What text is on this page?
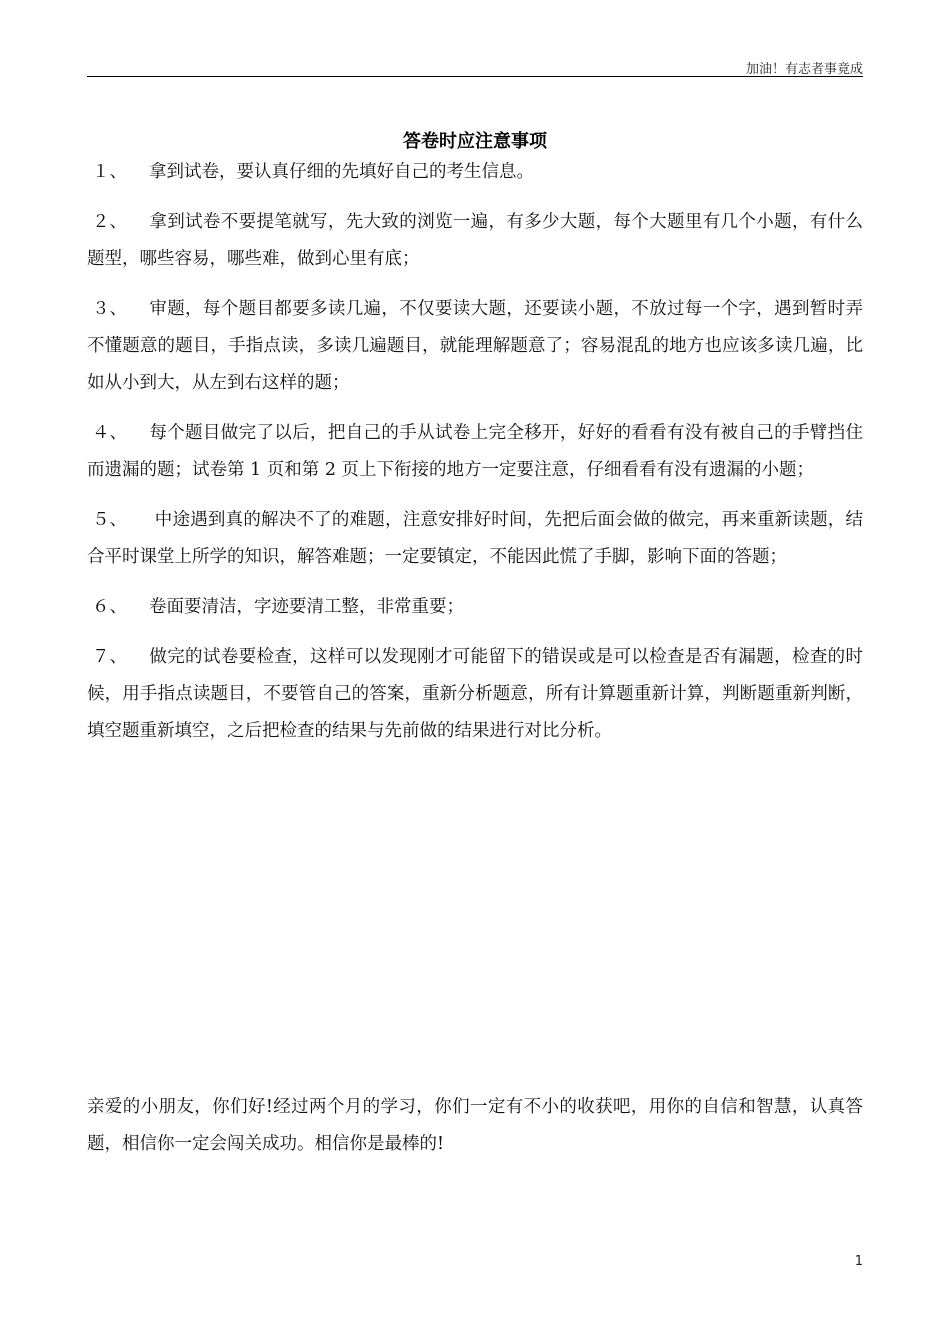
加油！有志者事竟成
答卷时应注意事项

１、 拿到试卷，要认真仔细的先填好自己的考生信息。

２、 拿到试卷不要提笔就写，先大致的浏览一遍，有多少大题，每个大题里有几个小题，有什么题型，哪些容易，哪些难，做到心里有底；

３、 审题，每个题目都要多读几遍，不仅要读大题，还要读小题，不放过每一个字，遇到暂时弄不懂题意的题目，手指点读，多读几遍题目，就能理解题意了；容易混乱的地方也应该多读几遍，比如从小到大，从左到右这样的题；

４、 每个题目做完了以后，把自己的手从试卷上完全移开，好好的看看有没有被自己的手臂挡住而遗漏的题；试卷第 1 页和第 2 页上下衔接的地方一定要注意，仔细看看有没有遗漏的小题；

５、 中途遇到真的解决不了的难题，注意安排好时间，先把后面会做的做完，再来重新读题，结合平时课堂上所学的知识，解答难题；一定要镇定，不能因此慌了手脚，影响下面的答题；

６、 卷面要清洁，字迹要清工整，非常重要；

７、 做完的试卷要检查，这样可以发现刚才可能留下的错误或是可以检查是否有漏题，检查的时候，用手指点读题目，不要管自己的答案，重新分析题意，所有计算题重新计算，判断题重新判断，填空题重新填空，之后把检查的结果与先前做的结果进行对比分析。

亲爱的小朋友，你们好!经过两个月的学习，你们一定有不小的收获吧，用你的自信和智慧，认真答题，相信你一定会闯关成功。相信你是最棒的!

1
